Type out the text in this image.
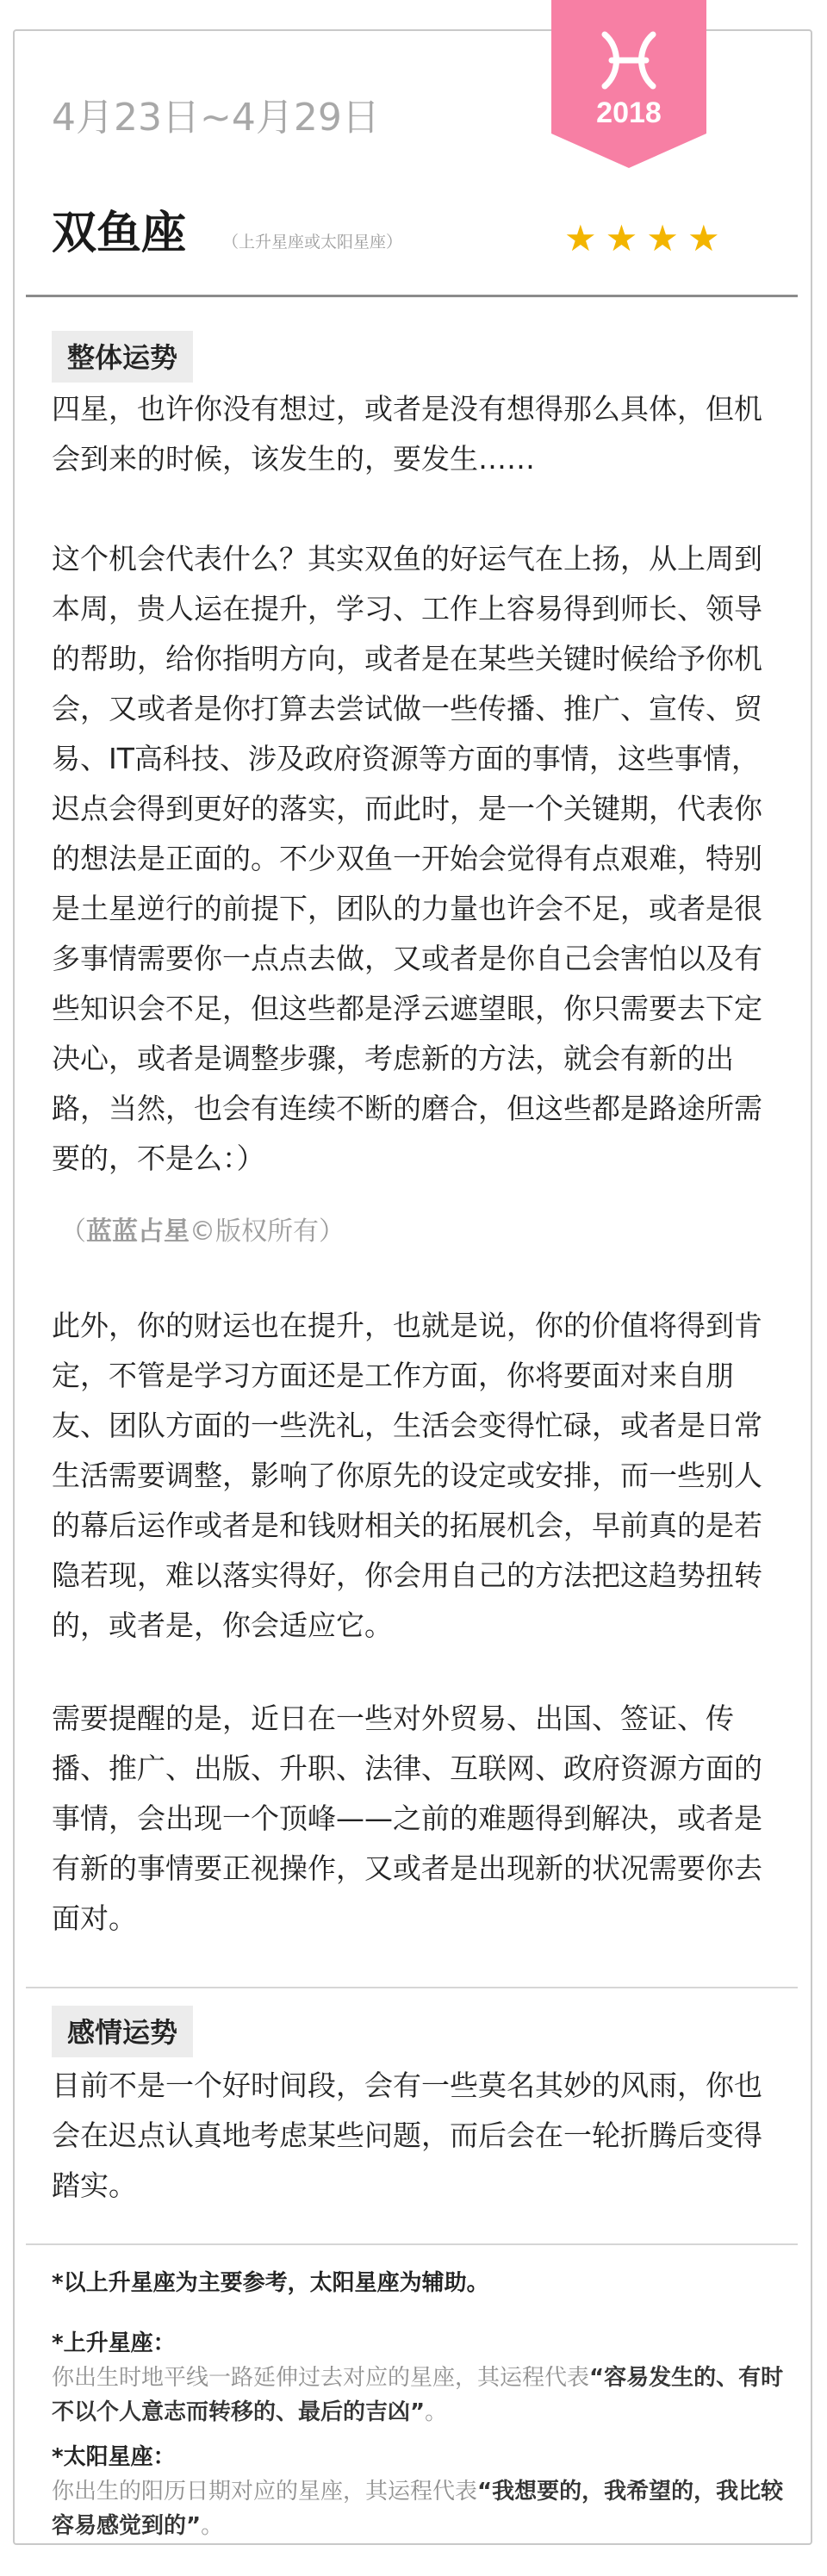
2018
4月23日~4月29日
双鱼座 （上升星座或太阳星座）	★★★★
整体运势
四星，也许你没有想过，或者是没有想得那么具体，但机会到来的时候，该发生的，要发生……
这个机会代表什么？其实双鱼的好运气在上扬，从上周到本周，贵人运在提升，学习、工作上容易得到师长、领导的帮助，给你指明方向，或者是在某些关键时候给予你机会，又或者是你打算去尝试做一些传播、推广、宣传、贸易、IT高科技、涉及政府资源等方面的事情，这些事情，迟点会得到更好的落实，而此时，是一个关键期，代表你的想法是正面的。不少双鱼一开始会觉得有点艰难，特别是土星逆行的前提下，团队的力量也许会不足，或者是很多事情需要你一点点去做，又或者是你自己会害怕以及有些知识会不足，但这些都是浮云遮望眼，你只需要去下定决心，或者是调整步骤，考虑新的方法，就会有新的出路，当然，也会有连续不断的磨合，但这些都是路途所需要的，不是么：）
（蓝蓝占星©版权所有）
此外，你的财运也在提升，也就是说，你的价值将得到肯定，不管是学习方面还是工作方面，你将要面对来自朋友、团队方面的一些洗礼，生活会变得忙碌，或者是日常生活需要调整，影响了你原先的设定或安排，而一些别人的幕后运作或者是和钱财相关的拓展机会，早前真的是若隐若现，难以落实得好，你会用自己的方法把这趋势扭转的，或者是，你会适应它。
需要提醒的是，近日在一些对外贸易、出国、签证、传播、推广、出版、升职、法律、互联网、政府资源方面的事情，会出现一个顶峰——之前的难题得到解决，或者是有新的事情要正视操作，又或者是出现新的状况需要你去面对。
感情运势
目前不是一个好时间段，会有一些莫名其妙的风雨，你也会在迟点认真地考虑某些问题，而后会在一轮折腾后变得踏实。
*以上升星座为主要参考，太阳星座为辅助。
*上升星座：
你出生时地平线一路延伸过去对应的星座，其运程代表“容易发生的、有时不以个人意志而转移的、最后的吉凶”。
*太阳星座：
你出生的阳历日期对应的星座，其运程代表“我想要的，我希望的，我比较容易感觉到的”。
